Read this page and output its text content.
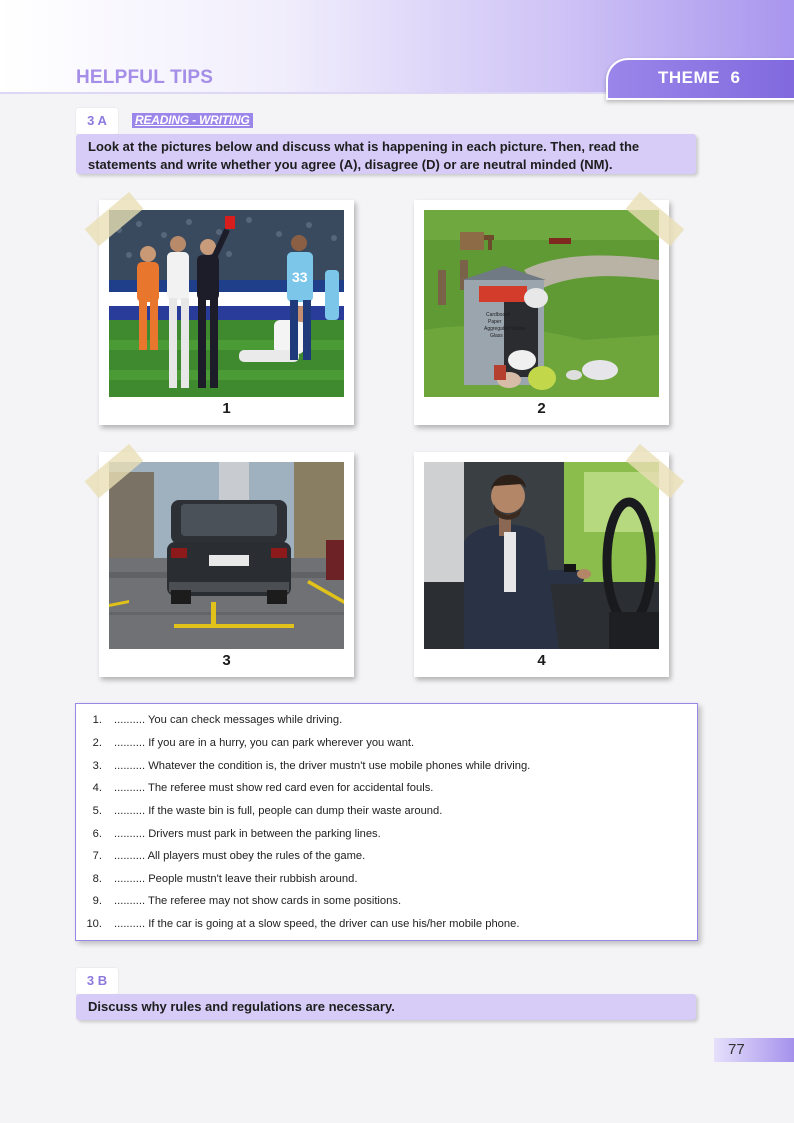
HELPFUL TIPS	THEME 6
3 A	READING - WRITING
Look at the pictures below and discuss what is happening in each picture. Then, read the statements and write whether you agree (A), disagree (D) or are neutral minded (NM).
33
1
Cardboard
Paper
Aggregated Waste
Glass
2
3	4
1. .......... You can check messages while driving.
2. .......... If you are in a hurry, you can park wherever you want.
3. .......... Whatever the condition is, the driver mustn't use mobile phones while driving.
4. .......... The referee must show red card even for accidental fouls.
5. .......... If the waste bin is full, people can dump their waste around.
6. .......... Drivers must park in between the parking lines.
7. .......... All players must obey the rules of the game.
8. .......... People mustn't leave their rubbish around.
9. .......... The referee may not show cards in some positions.
10. .......... If the car is going at a slow speed, the driver can use his/her mobile phone.
3 B
Discuss why rules and regulations are necessary.
77
